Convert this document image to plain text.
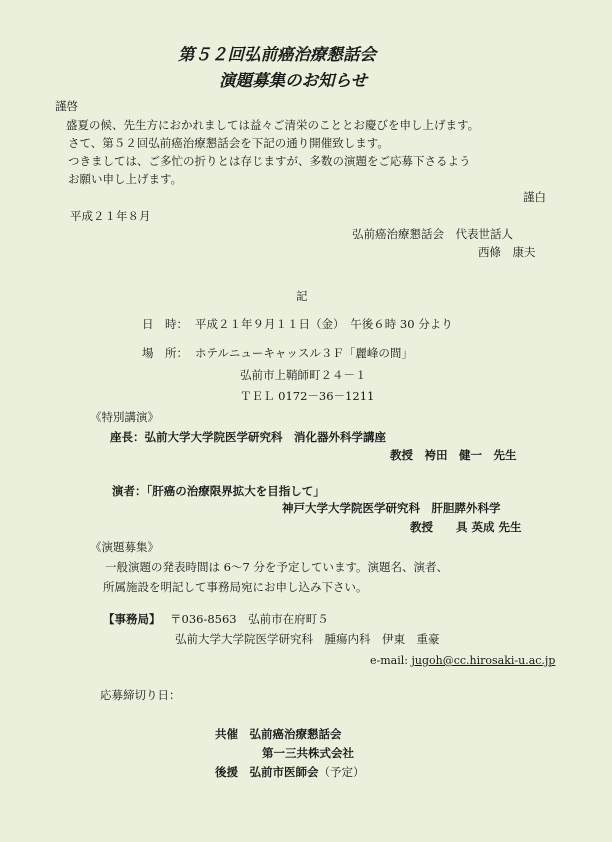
第５２回弘前癌治療懇話会
演題募集のお知らせ
謹啓
盛夏の候、先生方におかれましては益々ご清栄のこととお慶びを申し上げます。
さて、第５２回弘前癌治療懇話会を下記の通り開催致します。
つきましては、ご多忙の折りとは存じますが、多数の演題をご応募下さるよう
お願い申し上げます。
謹白
平成２１年８月
弘前癌治療懇話会　代表世話人
西條　康夫
記
日　時： 平成２１年９月１１日（金）　午後６時 30 分より
場　所： ホテルニューキャッスル３Ｆ「麗峰の間」
弘前市上鞘師町２４－１
ＴＥＬ 0172－36－1211
《特別講演》
座長：弘前大学大学院医学研究科　消化器外科学講座
教授　袴田　健一　先生
演者：「肝癌の治療限界拡大を目指して」
神戸大学大学院医学研究科　肝胆膵外科学
教授　　具 英成 先生
《演題募集》
一般演題の発表時間は 6～7 分を予定しています。演題名、演者、
所属施設を明記して事務局宛にお申し込み下さい。
【事務局】 〒036-8563　弘前市在府町５
弘前大学大学院医学研究科　腫瘍内科　伊東　重豪
e-mail: jugoh@cc.hirosaki-u.ac.jp
応募締切り日：
共催　弘前癌治療懇話会
第一三共株式会社
後援　弘前市医師会（予定）
